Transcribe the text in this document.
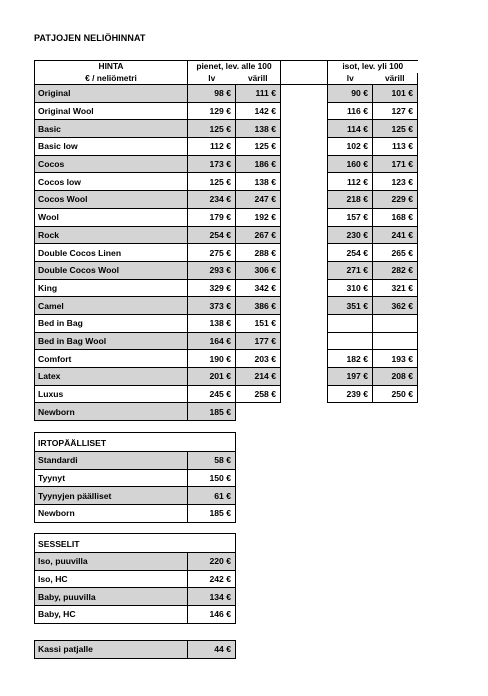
PATJOJEN NELIÖHINNAT
HINTA	pienet, lev. alle 100			isot, lev. yli 100	
€ / neliömetri	lv	värill		lv	värill
Original	98 €	111 €		90 €	101 €
Original Wool	129 €	142 €		116 €	127 €
Basic	125 €	138 €		114 €	125 €
Basic low	112 €	125 €		102 €	113 €
Cocos	173 €	186 €		160 €	171 €
Cocos low	125 €	138 €		112 €	123 €
Cocos Wool	234 €	247 €		218 €	229 €
Wool	179 €	192 €		157 €	168 €
Rock	254 €	267 €		230 €	241 €
Double Cocos Linen	275 €	288 €		254 €	265 €
Double Cocos Wool	293 €	306 €		271 €	282 €
King	329 €	342 €		310 €	321 €
Camel	373 €	386 €		351 €	362 €
Bed in Bag	138 €	151 €			
Bed in Bag Wool	164 €	177 €			
Comfort	190 €	203 €		182 €	193 €
Latex	201 €	214 €		197 €	208 €
Luxus	245 €	258 €		239 €	250 €
Newborn	185 €				
IRTOPÄÄLLISET	
Standardi	58 €
Tyynyt	150 €
Tyynyjen päälliset	61 €
Newborn	185 €
SESSELIT	
Iso, puuvilla	220 €
Iso, HC	242 €
Baby, puuvilla	134 €
Baby, HC	146 €
Kassi patjalle	44 €
